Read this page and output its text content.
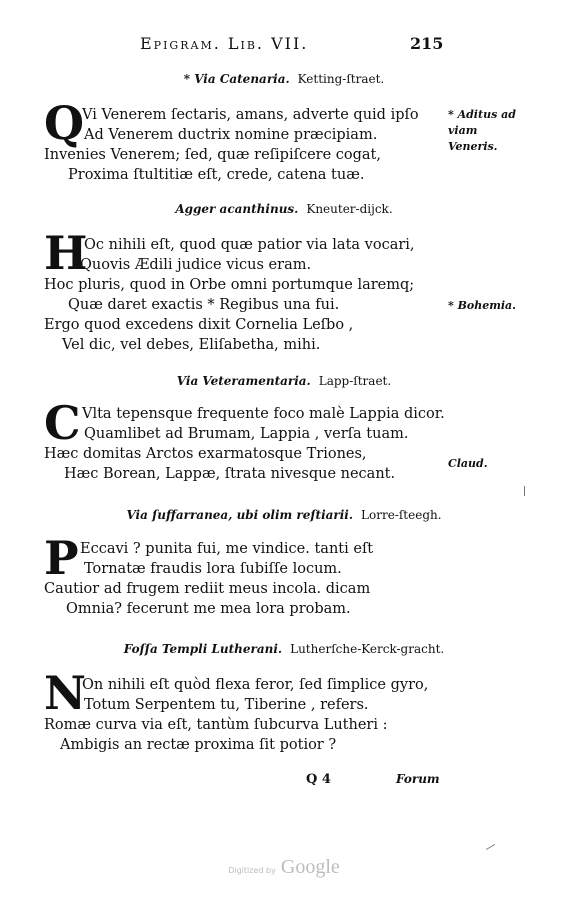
Epigram. Lib. VII.	215
* Via Catenaria. Ketting-ſtraet.
Q
Vi Venerem ſectaris, amans, adverte quid ipſo
Ad Venerem ductrix nomine præcipiam.
Invenies Venerem; ſed, quæ reſipiſcere cogat,
Proxima ſtultitiæ eſt, crede, catena tuæ.
* Aditus ad viam Veneris.
Agger acanthinus. Kneuter-dijck.
H
Oc nihili eſt, quod quæ patior via lata vocari,
Quovis Ædili judice vicus eram.
Hoc pluris, quod in Orbe omni portumque laremq;
Quæ daret exactis * Regibus una fui.
Ergo quod excedens dixit Cornelia Leſbo ,
Vel dic, vel debes, Eliſabetha, mihi.
* Bohemia.
Via Veteramentaria. Lapp-ſtraet.
C Vlta tepensque frequente foco malè Lappia dicor.
Quamlibet ad Brumam, Lappia , verſa tuam.
Hæc domitas Arctos exarmatosque Triones,
Hæc Borean, Lappæ, ſtrata nivesque necant.
Claud.
Via ſuffarranea, ubi olim reſtiarii. Lorre-ſteegh.
P Eccavi ? punita fui, me vindice. tanti eſt
Tornatæ fraudis lora ſubiſſe locum.
Cautior ad frugem rediit meus incola. dicam
Omnia? fecerunt me mea lora probam.
Foſſa Templi Lutherani. Lutherſche-Kerck-gracht.
N
On nihili eſt quòd flexa feror, ſed ſimplice gyro,
Totum Serpentem tu, Tiberine , refers.
Romæ curva via eſt, tantùm ſubcurva Lutheri :
Ambigis an rectæ proxima ſit potior ?
Q 4	Forum
Digitized by Google
